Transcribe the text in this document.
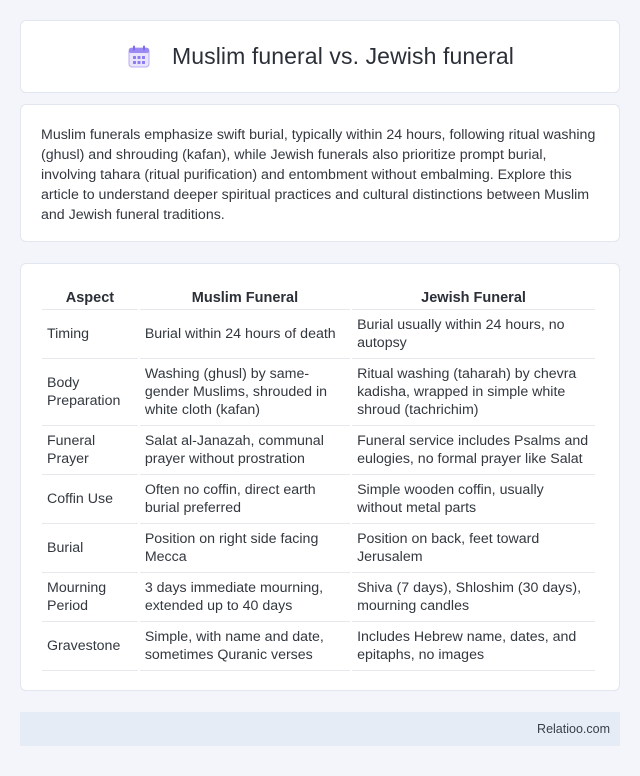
Muslim funeral vs. Jewish funeral

Muslim funerals emphasize swift burial, typically within 24 hours, following ritual washing (ghusl) and shrouding (kafan), while Jewish funerals also prioritize prompt burial, involving tahara (ritual purification) and entombment without embalming. Explore this article to understand deeper spiritual practices and cultural distinctions between Muslim and Jewish funeral traditions.

Aspect	Muslim Funeral	Jewish Funeral
Timing	Burial within 24 hours of death	Burial usually within 24 hours, no autopsy
Body Preparation	Washing (ghusl) by same-gender Muslims, shrouded in white cloth (kafan)	Ritual washing (taharah) by chevra kadisha, wrapped in simple white shroud (tachrichim)
Funeral Prayer	Salat al-Janazah, communal prayer without prostration	Funeral service includes Psalms and eulogies, no formal prayer like Salat
Coffin Use	Often no coffin, direct earth burial preferred	Simple wooden coffin, usually without metal parts
Burial	Position on right side facing Mecca	Position on back, feet toward Jerusalem
Mourning Period	3 days immediate mourning, extended up to 40 days	Shiva (7 days), Shloshim (30 days), mourning candles
Gravestone	Simple, with name and date, sometimes Quranic verses	Includes Hebrew name, dates, and epitaphs, no images
Relatioo.com
